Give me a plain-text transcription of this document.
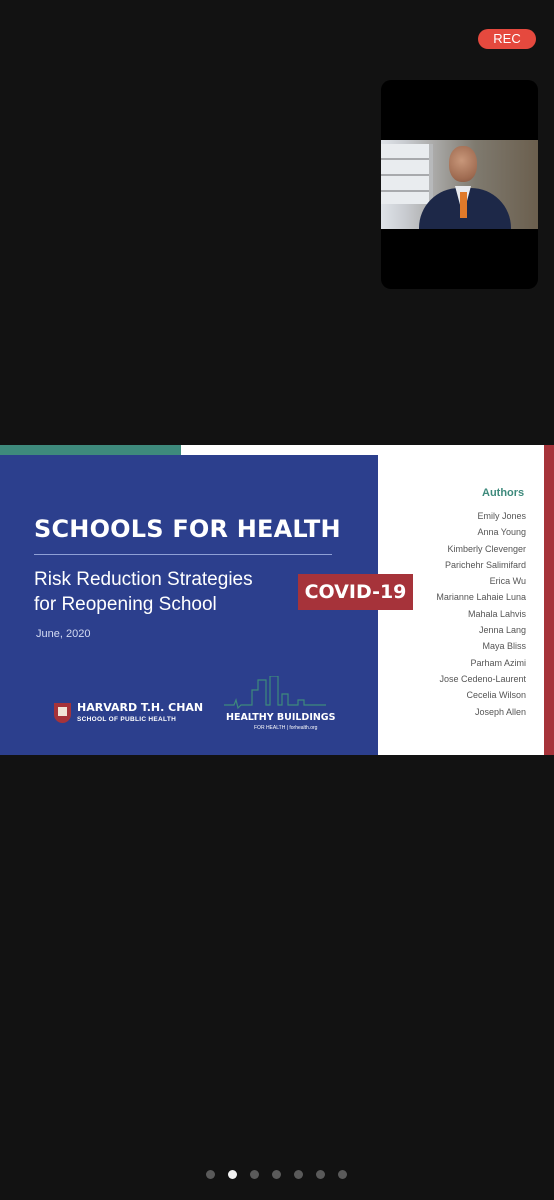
REC
SCHOOLS FOR HEALTH
Risk Reduction Strategies
for Reopening School
June, 2020
COVID-19
HARVARD T.H. CHAN
SCHOOL OF PUBLIC HEALTH	HEALTHY BUILDINGS
FOR HEALTH | forhealth.org
Authors
Emily Jones
Anna Young
Kimberly Clevenger
Parichehr Salimifard
Erica Wu
Marianne Lahaie Luna
Mahala Lahvis
Jenna Lang
Maya Bliss
Parham Azimi
Jose Cedeno-Laurent
Cecelia Wilson
Joseph Allen
